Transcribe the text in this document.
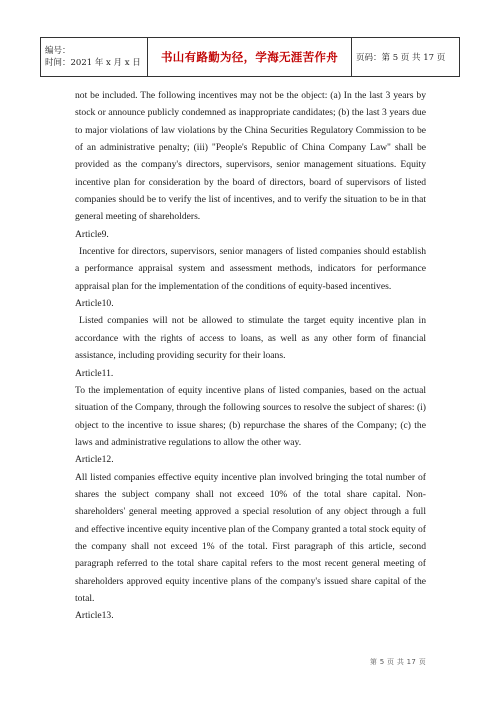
编号：
时间：2021 年 x 月 x 日	书山有路勤为径，学海无涯苦作舟	页码：第 5 页 共 17 页

not be included. The following incentives may not be the object: (a) In the last 3 years by stock or announce publicly condemned as inappropriate candidates; (b) the last 3 years due to major violations of law violations by the China Securities Regulatory Commission to be of an administrative penalty; (iii) "People's Republic of China Company Law" shall be provided as the company's directors, supervisors, senior management situations. Equity incentive plan for consideration by the board of directors, board of supervisors of listed companies should be to verify the list of incentives, and to verify the situation to be in that general meeting of shareholders.

Article9.

Incentive for directors, supervisors, senior managers of listed companies should establish a performance appraisal system and assessment methods, indicators for performance appraisal plan for the implementation of the conditions of equity-based incentives.

Article10.

Listed companies will not be allowed to stimulate the target equity incentive plan in accordance with the rights of access to loans, as well as any other form of financial assistance, including providing security for their loans.

Article11.

To the implementation of equity incentive plans of listed companies, based on the actual situation of the Company, through the following sources to resolve the subject of shares: (i) object to the incentive to issue shares; (b) repurchase the shares of the Company; (c) the laws and administrative regulations to allow the other way.

Article12.

All listed companies effective equity incentive plan involved bringing the total number of shares the subject company shall not exceed 10% of the total share capital. Non-shareholders' general meeting approved a special resolution of any object through a full and effective incentive equity incentive plan of the Company granted a total stock equity of the company shall not exceed 1% of the total. First paragraph of this article, second paragraph referred to the total share capital refers to the most recent general meeting of shareholders approved equity incentive plans of the company's issued share capital of the total.

Article13.

第 5 页 共 17 页
